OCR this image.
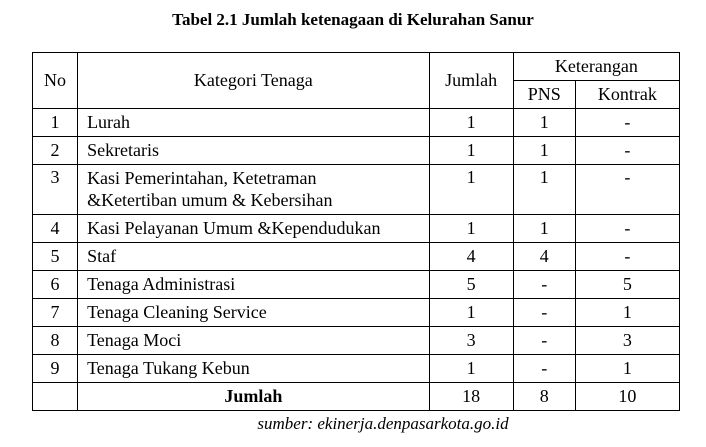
Tabel 2.1 Jumlah ketenagaan di Kelurahan Sanur
No	Kategori Tenaga	Jumlah	Keterangan	
			PNS	Kontrak
1	Lurah	1	1	-
2	Sekretaris	1	1	-
3	Kasi Pemerintahan, Ketetraman
&Ketertiban umum & Kebersihan	1	1	-
4	Kasi Pelayanan Umum &Kependudukan	1	1	-
5	Staf	4	4	-
6	Tenaga Administrasi	5	-	5
7	Tenaga Cleaning Service	1	-	1
8	Tenaga Moci	3	-	3
9	Tenaga Tukang Kebun	1	-	1
	Jumlah	18	8	10
sumber: ekinerja.denpasarkota.go.id
